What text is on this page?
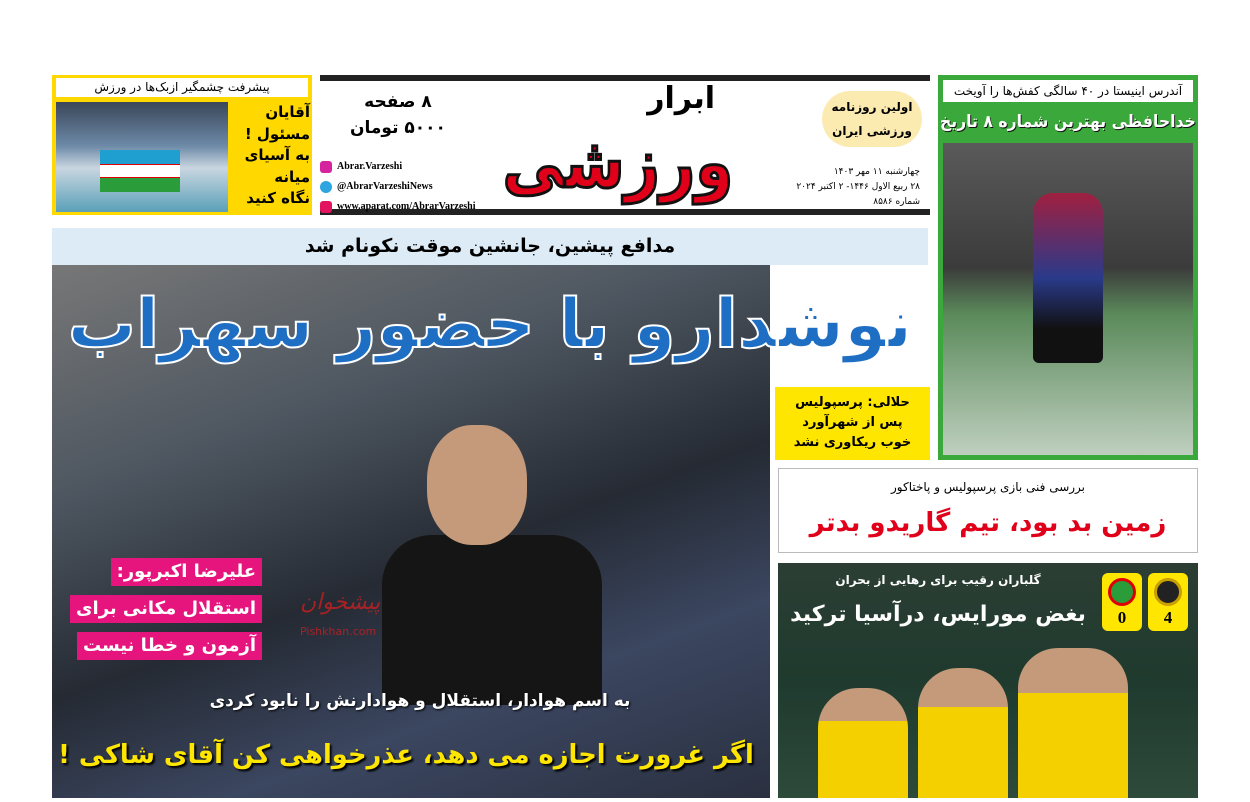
پیشرفت چشمگیر ازبک‌ها در ورزش
آقایان
مسئول !
به آسیای
میانه
نگاه کنید
۸ صفحه
۵۰۰۰ تومان
Abrar.Varzeshi
@AbrarVarzeshiNews
www.aparat.com/AbrarVarzeshi
ابرار
ورزشی
اولین روزنامه
ورزشی ایران
چهارشنبه ۱۱ مهر ۱۴۰۳
۲۸ ربیع الاول ۱۴۴۶- ۲ اکتبر ۲۰۲۴
شماره ۸۵۸۶
آندرس اینیستا در ۴۰ سالگی کفش‌ها را آویخت
خداحافظی بهترین شماره ۸ تاریخ
مدافع پیشین، جانشین موقت نکونام شد
نوشدارو با حضور سهراب
حلالی: پرسپولیس
پس از شهرآورد
خوب ریکاوری نشد
بررسی فنی بازی پرسپولیس و پاختاکور
زمین بد بود، تیم گاریدو بدتر
گلباران رقیب برای رهایی از بحران
بغض مورایس، درآسیا ترکید	4
0
علیرضا اکبرپور:
استقلال مکانی برای
آزمون و خطا نیست
پیشخوان
Pishkhan.com
به اسم هوادار، استقلال و هوادارنش را نابود کردی
اگر غرورت اجازه می دهد، عذرخواهی کن آقای شاکی !
